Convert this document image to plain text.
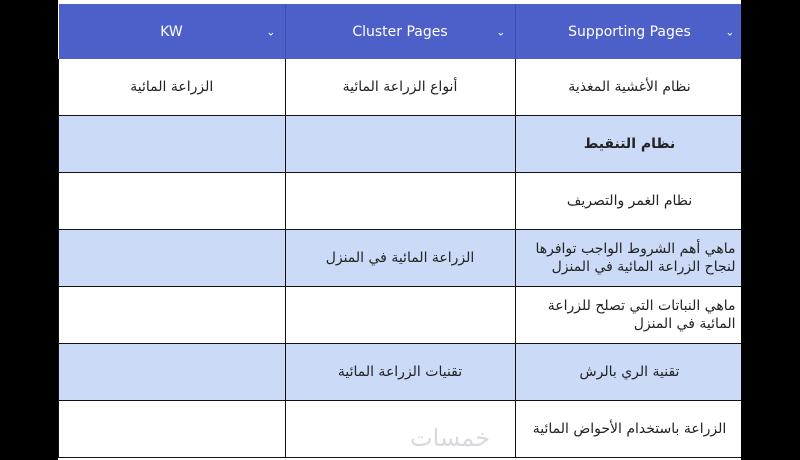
KW ⌄	Cluster Pages ⌄	Supporting Pages ⌄

الزراعة المائية	أنواع الزراعة المائية	نظام الأغشية المغذية
		نظام التنقيط
		نظام الغمر والتصريف
	الزراعة المائية في المنزل	ماهي أهم الشروط الواجب توافرها لنجاح الزراعة المائية في المنزل
		ماهي النباتات التي تصلح للزراعة المائية في المنزل
	تقنيات الزراعة المائية	تقنية الري بالرش
		الزراعة باستخدام الأحواض المائية
خمسات
